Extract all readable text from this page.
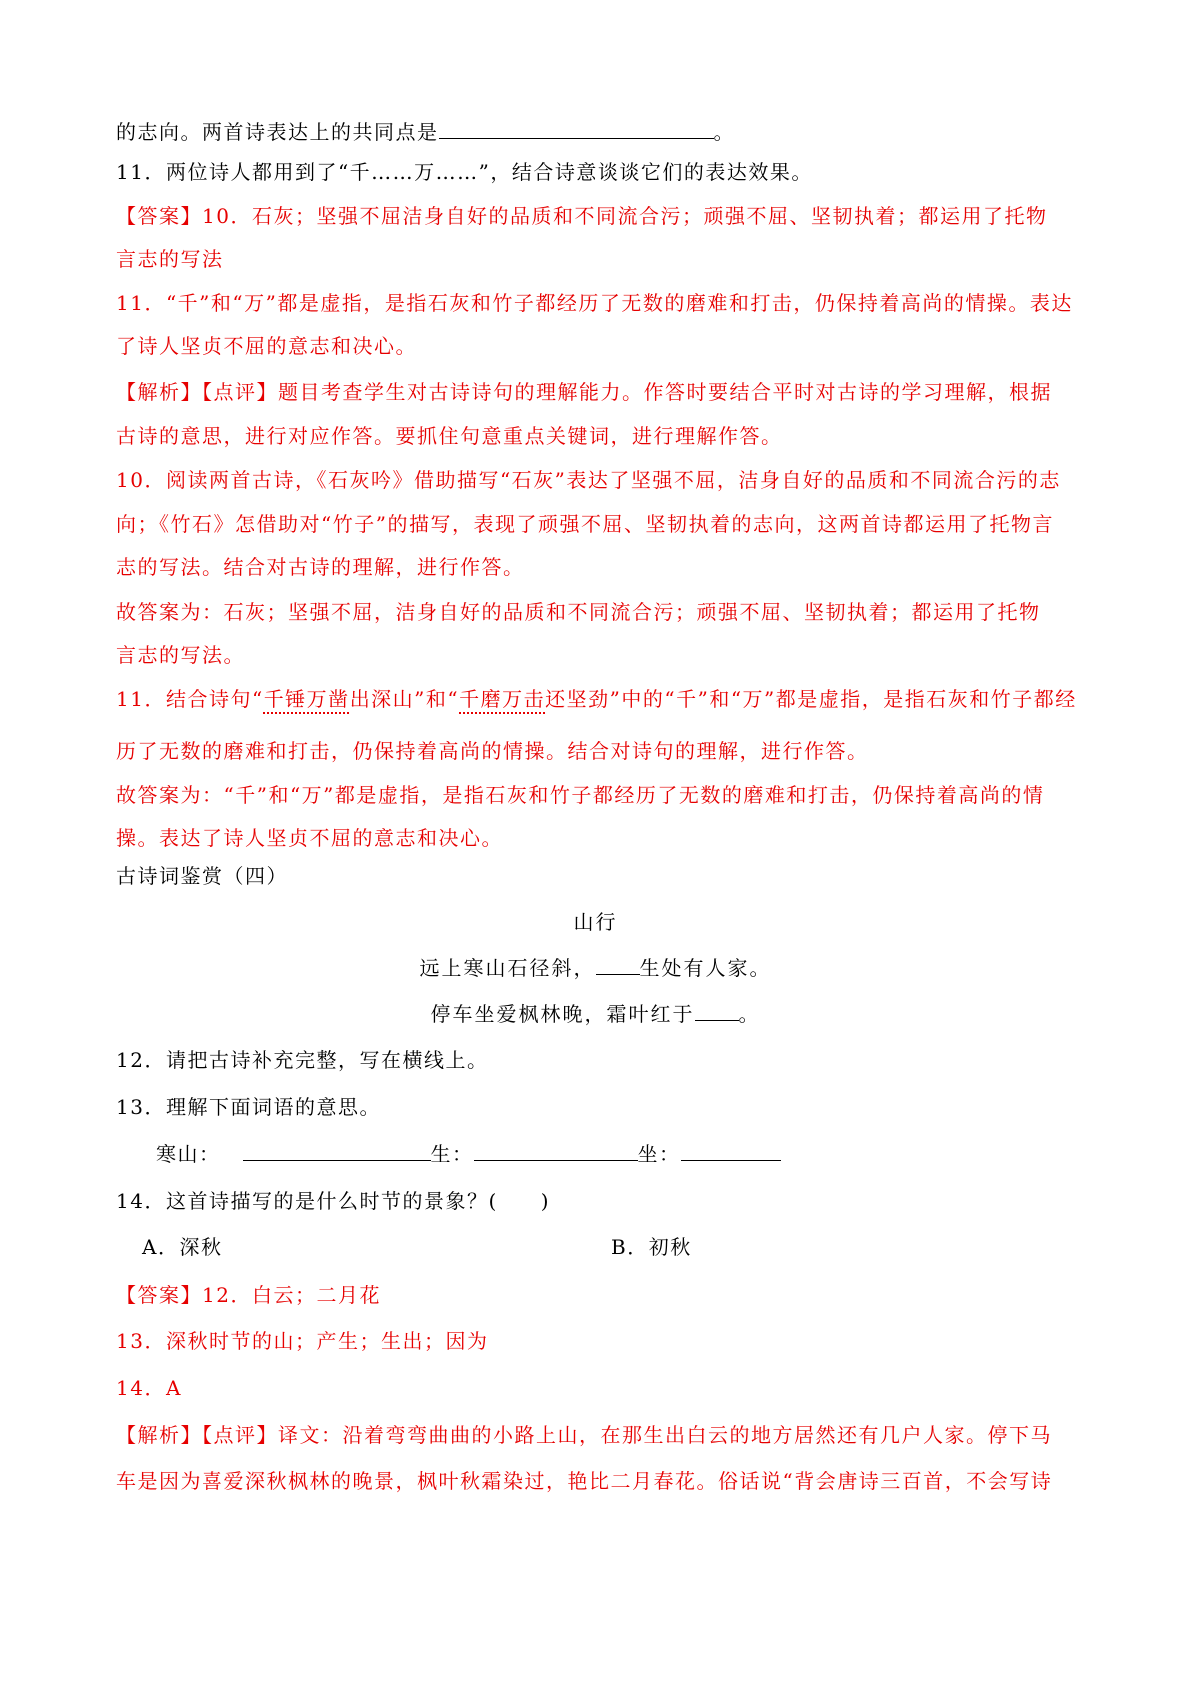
的志向。两首诗表达上的共同点是	。
11．两位诗人都用到了“千……万……”，结合诗意谈谈它们的表达效果。
【答案】10．石灰；坚强不屈洁身自好的品质和不同流合污；顽强不屈、坚韧执着；都运用了托物
言志的写法
11．“千”和“万”都是虚指，是指石灰和竹子都经历了无数的磨难和打击，仍保持着高尚的情操。表达
了诗人坚贞不屈的意志和决心。
【解析】【点评】题目考查学生对古诗诗句的理解能力。作答时要结合平时对古诗的学习理解，根据
古诗的意思，进行对应作答。要抓住句意重点关键词，进行理解作答。
10．阅读两首古诗，《石灰吟》借助描写“石灰”表达了坚强不屈，洁身自好的品质和不同流合污的志
向；《竹石》怎借助对“竹子”的描写，表现了顽强不屈、坚韧执着的志向，这两首诗都运用了托物言
志的写法。结合对古诗的理解，进行作答。
故答案为：石灰；坚强不屈，洁身自好的品质和不同流合污；顽强不屈、坚韧执着；都运用了托物
言志的写法。
11．结合诗句“千锤万凿出深山”和“千磨万击还坚劲”中的“千”和“万”都是虚指，是指石灰和竹子都经
历了无数的磨难和打击，仍保持着高尚的情操。结合对诗句的理解，进行作答。
故答案为：“千”和“万”都是虚指，是指石灰和竹子都经历了无数的磨难和打击，仍保持着高尚的情
操。表达了诗人坚贞不屈的意志和决心。
古诗词鉴赏（四）
山行
远上寒山石径斜， 生处有人家。
停车坐爱枫林晚，霜叶红于 。
12．请把古诗补充完整，写在横线上。
13．理解下面词语的意思。
寒山：	生：	坐：
14．这首诗描写的是什么时节的景象？(　　)
A．深秋	B．初秋
【答案】12．白云；二月花
13．深秋时节的山；产生；生出；因为
14．A
【解析】【点评】译文：沿着弯弯曲曲的小路上山，在那生出白云的地方居然还有几户人家。停下马
车是因为喜爱深秋枫林的晚景，枫叶秋霜染过，艳比二月春花。俗话说“背会唐诗三百首，不会写诗
